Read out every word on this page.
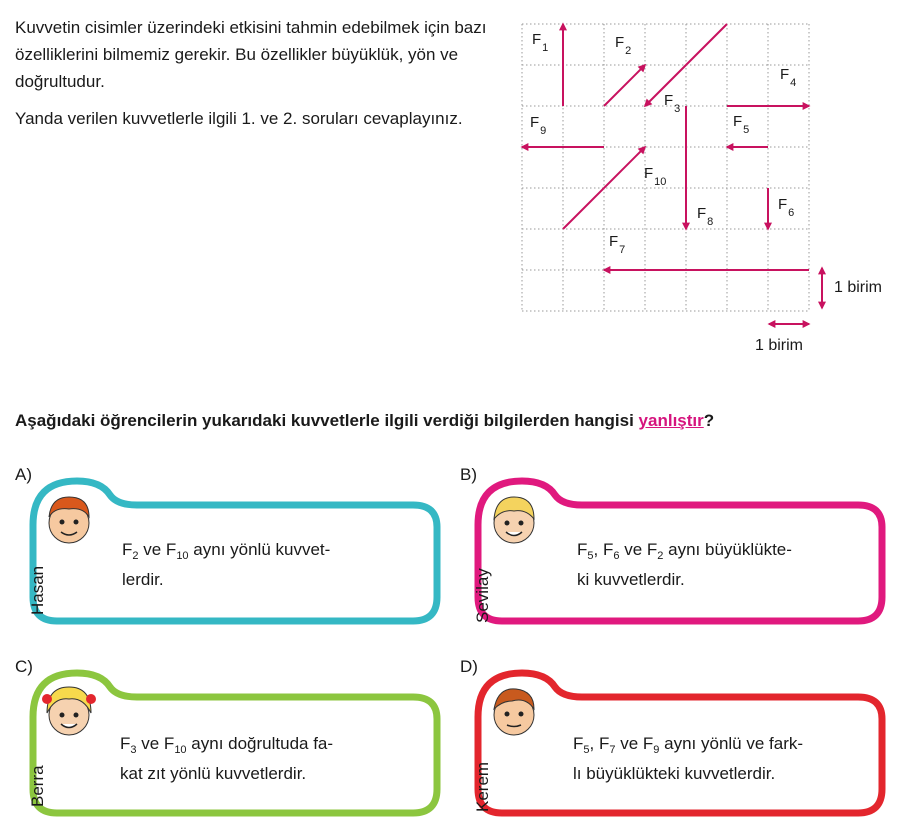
Kuvvetin cisimler üzerindeki etkisini tahmin edebilmek için bazı özelliklerini bilmemiz gerekir. Bu özellikler büyüklük, yön ve doğrultudur.

Yanda verilen kuvvetlerle ilgili 1. ve 2. soruları cevaplayınız.

$F_1$	$F_2$
$F_3$
$F_4$
$F_5$
$F_6$
$F_7$
$F_8$
$F_9$
$F_{10}$
1 birim
1 birim
Aşağıdaki öğrencilerin yukarıdaki kuvvetlerle ilgili verdiği bilgilerden hangisi yanlıştır?
A)
Hasan
$F_2$ ve $F_{10}$ aynı yönlü kuvvet-
lerdir.
B)
Sevilay
$F_5$, $F_6$ ve $F_2$ aynı büyüklükte-
ki kuvvetlerdir.
C)
Berra
$F_3$ ve $F_{10}$ aynı doğrultuda fa-
kat zıt yönlü kuvvetlerdir.
D)
Kerem
$F_5$, $F_7$ ve $F_9$ aynı yönlü ve fark-
lı büyüklükteki kuvvetlerdir.
